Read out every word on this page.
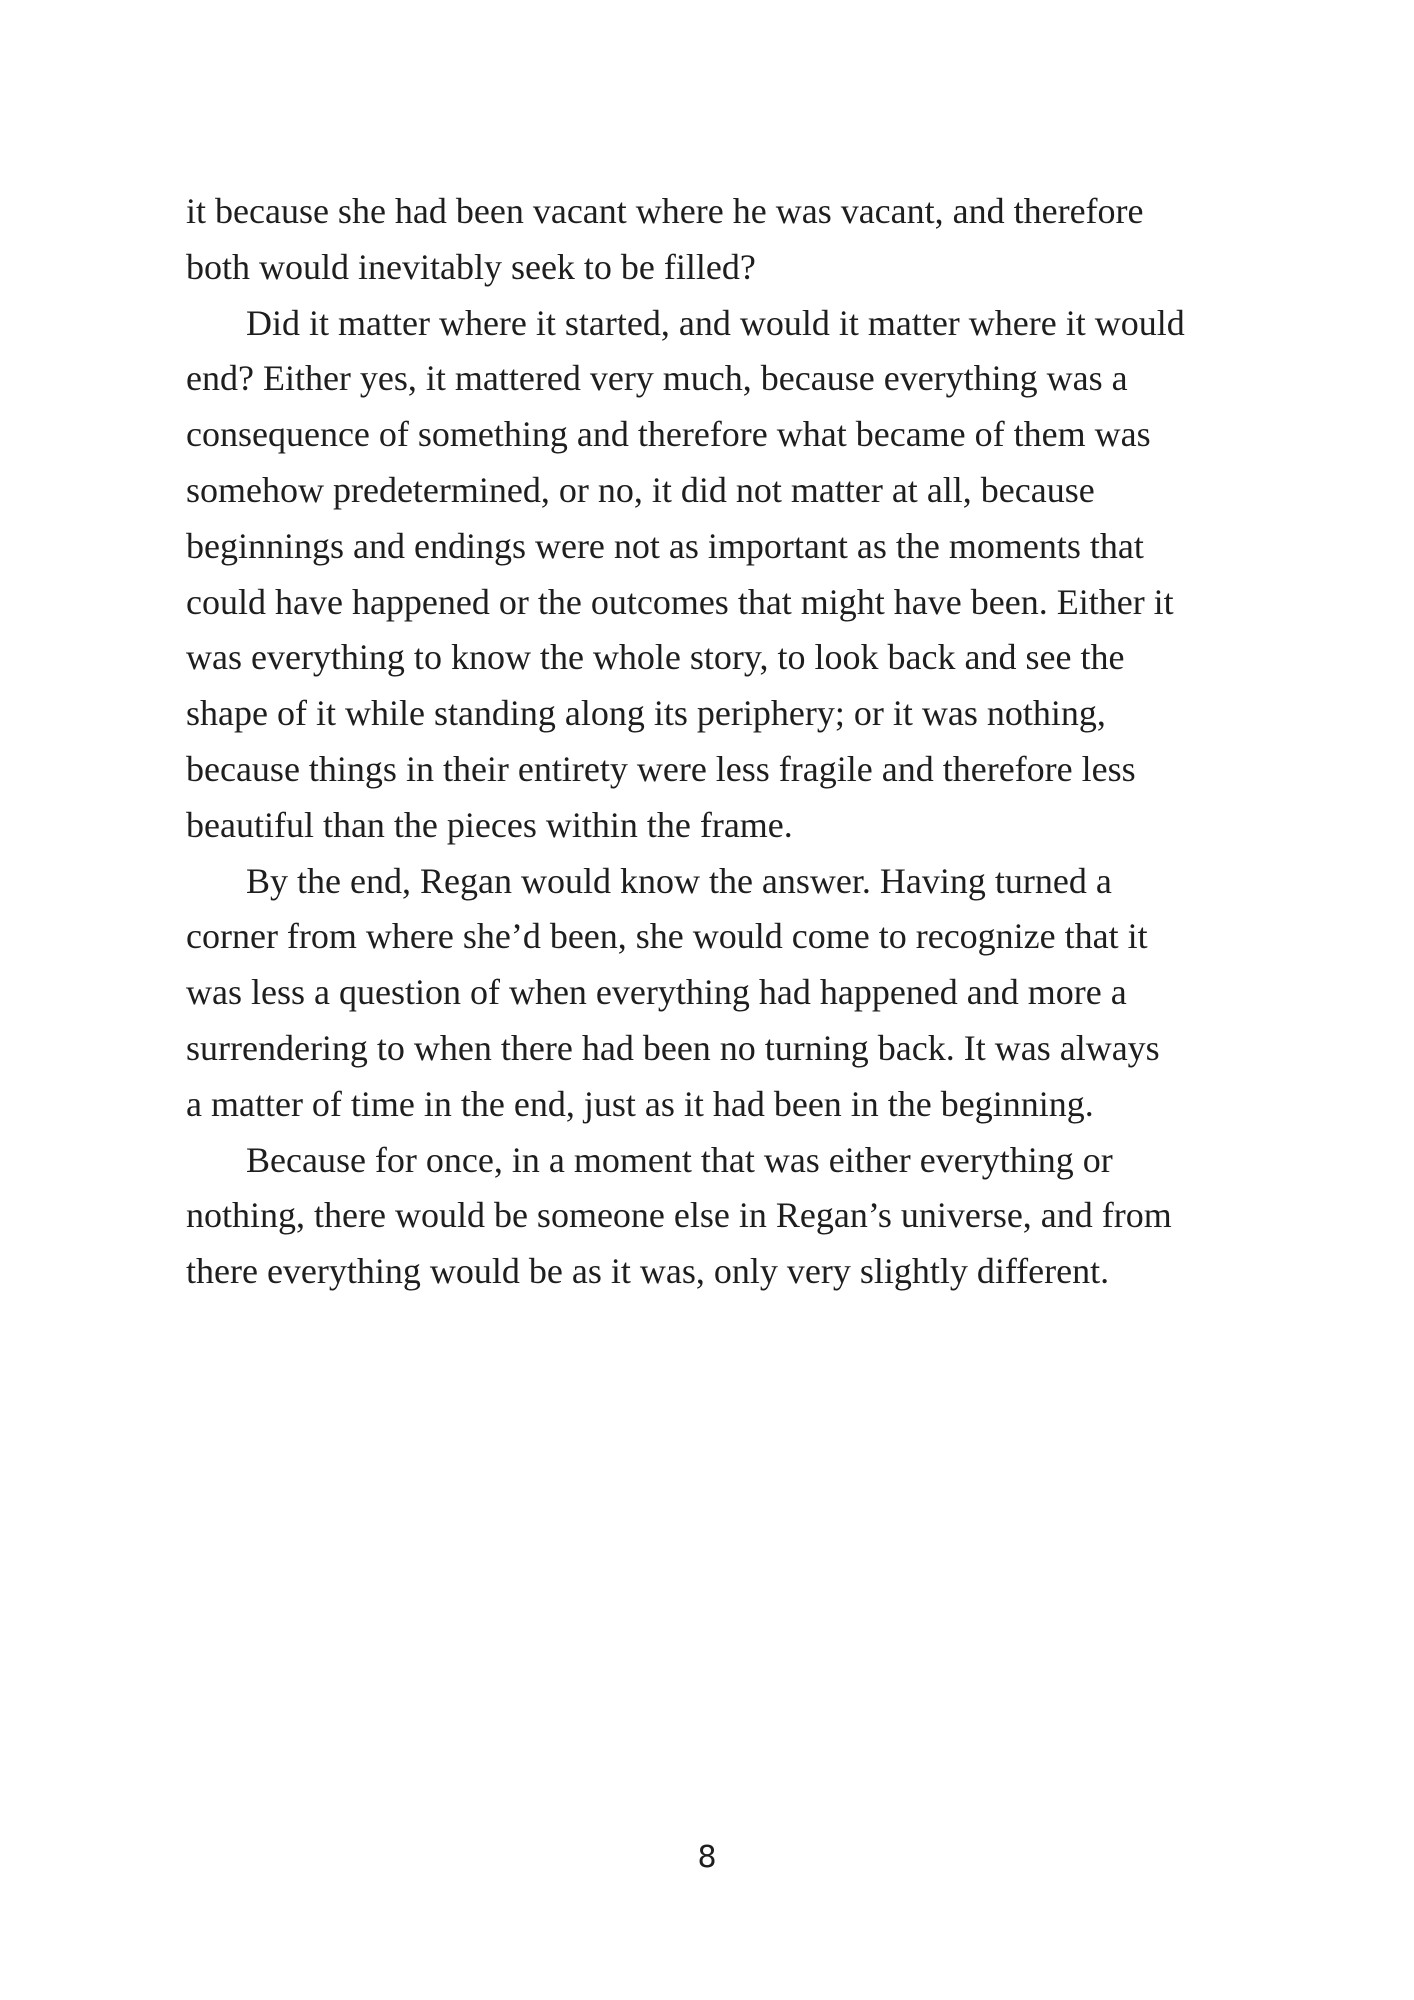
it because she had been vacant where he was vacant, and therefore
both would inevitably seek to be filled?
Did it matter where it started, and would it matter where it would
end? Either yes, it mattered very much, because everything was a
consequence of something and therefore what became of them was
somehow predetermined, or no, it did not matter at all, because
beginnings and endings were not as important as the moments that
could have happened or the outcomes that might have been. Either it
was everything to know the whole story, to look back and see the
shape of it while standing along its periphery; or it was nothing,
because things in their entirety were less fragile and therefore less
beautiful than the pieces within the frame.
By the end, Regan would know the answer. Having turned a
corner from where she’d been, she would come to recognize that it
was less a question of when everything had happened and more a
surrendering to when there had been no turning back. It was always
a matter of time in the end, just as it had been in the beginning.
Because for once, in a moment that was either everything or
nothing, there would be someone else in Regan’s universe, and from
there everything would be as it was, only very slightly different.
8
